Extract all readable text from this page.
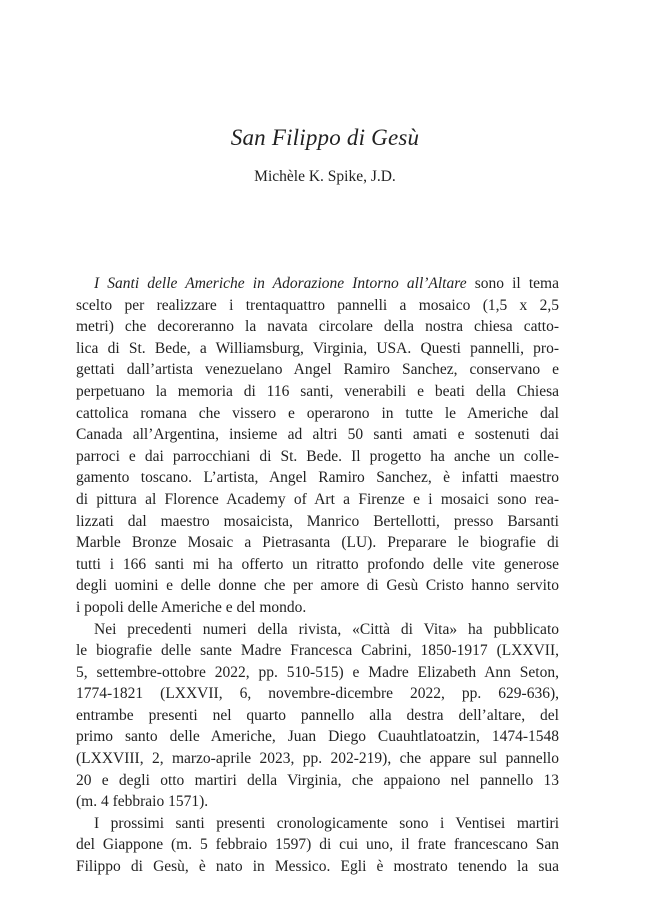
San Filippo di Gesù
Michèle K. Spike, J.D.
I Santi delle Americhe in Adorazione Intorno all’Altare sono il tema
scelto per realizzare i trentaquattro pannelli a mosaico (1,5 x 2,5
metri) che decoreranno la navata circolare della nostra chiesa catto-
lica di St. Bede, a Williamsburg, Virginia, USA. Questi pannelli, pro-
gettati dall’artista venezuelano Angel Ramiro Sanchez, conservano e
perpetuano la memoria di 116 santi, venerabili e beati della Chiesa
cattolica romana che vissero e operarono in tutte le Americhe dal
Canada all’Argentina, insieme ad altri 50 santi amati e sostenuti dai
parroci e dai parrocchiani di St. Bede. Il progetto ha anche un colle-
gamento toscano. L’artista, Angel Ramiro Sanchez, è infatti maestro
di pittura al Florence Academy of Art a Firenze e i mosaici sono rea-
lizzati dal maestro mosaicista, Manrico Bertellotti, presso Barsanti
Marble Bronze Mosaic a Pietrasanta (LU). Preparare le biografie di
tutti i 166 santi mi ha offerto un ritratto profondo delle vite generose
degli uomini e delle donne che per amore di Gesù Cristo hanno servito
i popoli delle Americhe e del mondo.
Nei precedenti numeri della rivista, «Città di Vita» ha pubblicato
le biografie delle sante Madre Francesca Cabrini, 1850-1917 (LXXVII,
5, settembre-ottobre 2022, pp. 510-515) e Madre Elizabeth Ann Seton,
1774-1821 (LXXVII, 6, novembre-dicembre 2022, pp. 629-636),
entrambe presenti nel quarto pannello alla destra dell’altare, del
primo santo delle Americhe, Juan Diego Cuauhtlatoatzin, 1474-1548
(LXXVIII, 2, marzo-aprile 2023, pp. 202-219), che appare sul pannello
20 e degli otto martiri della Virginia, che appaiono nel pannello 13
(m. 4 febbraio 1571).
I prossimi santi presenti cronologicamente sono i Ventisei martiri
del Giappone (m. 5 febbraio 1597) di cui uno, il frate francescano San
Filippo di Gesù, è nato in Messico. Egli è mostrato tenendo la sua
